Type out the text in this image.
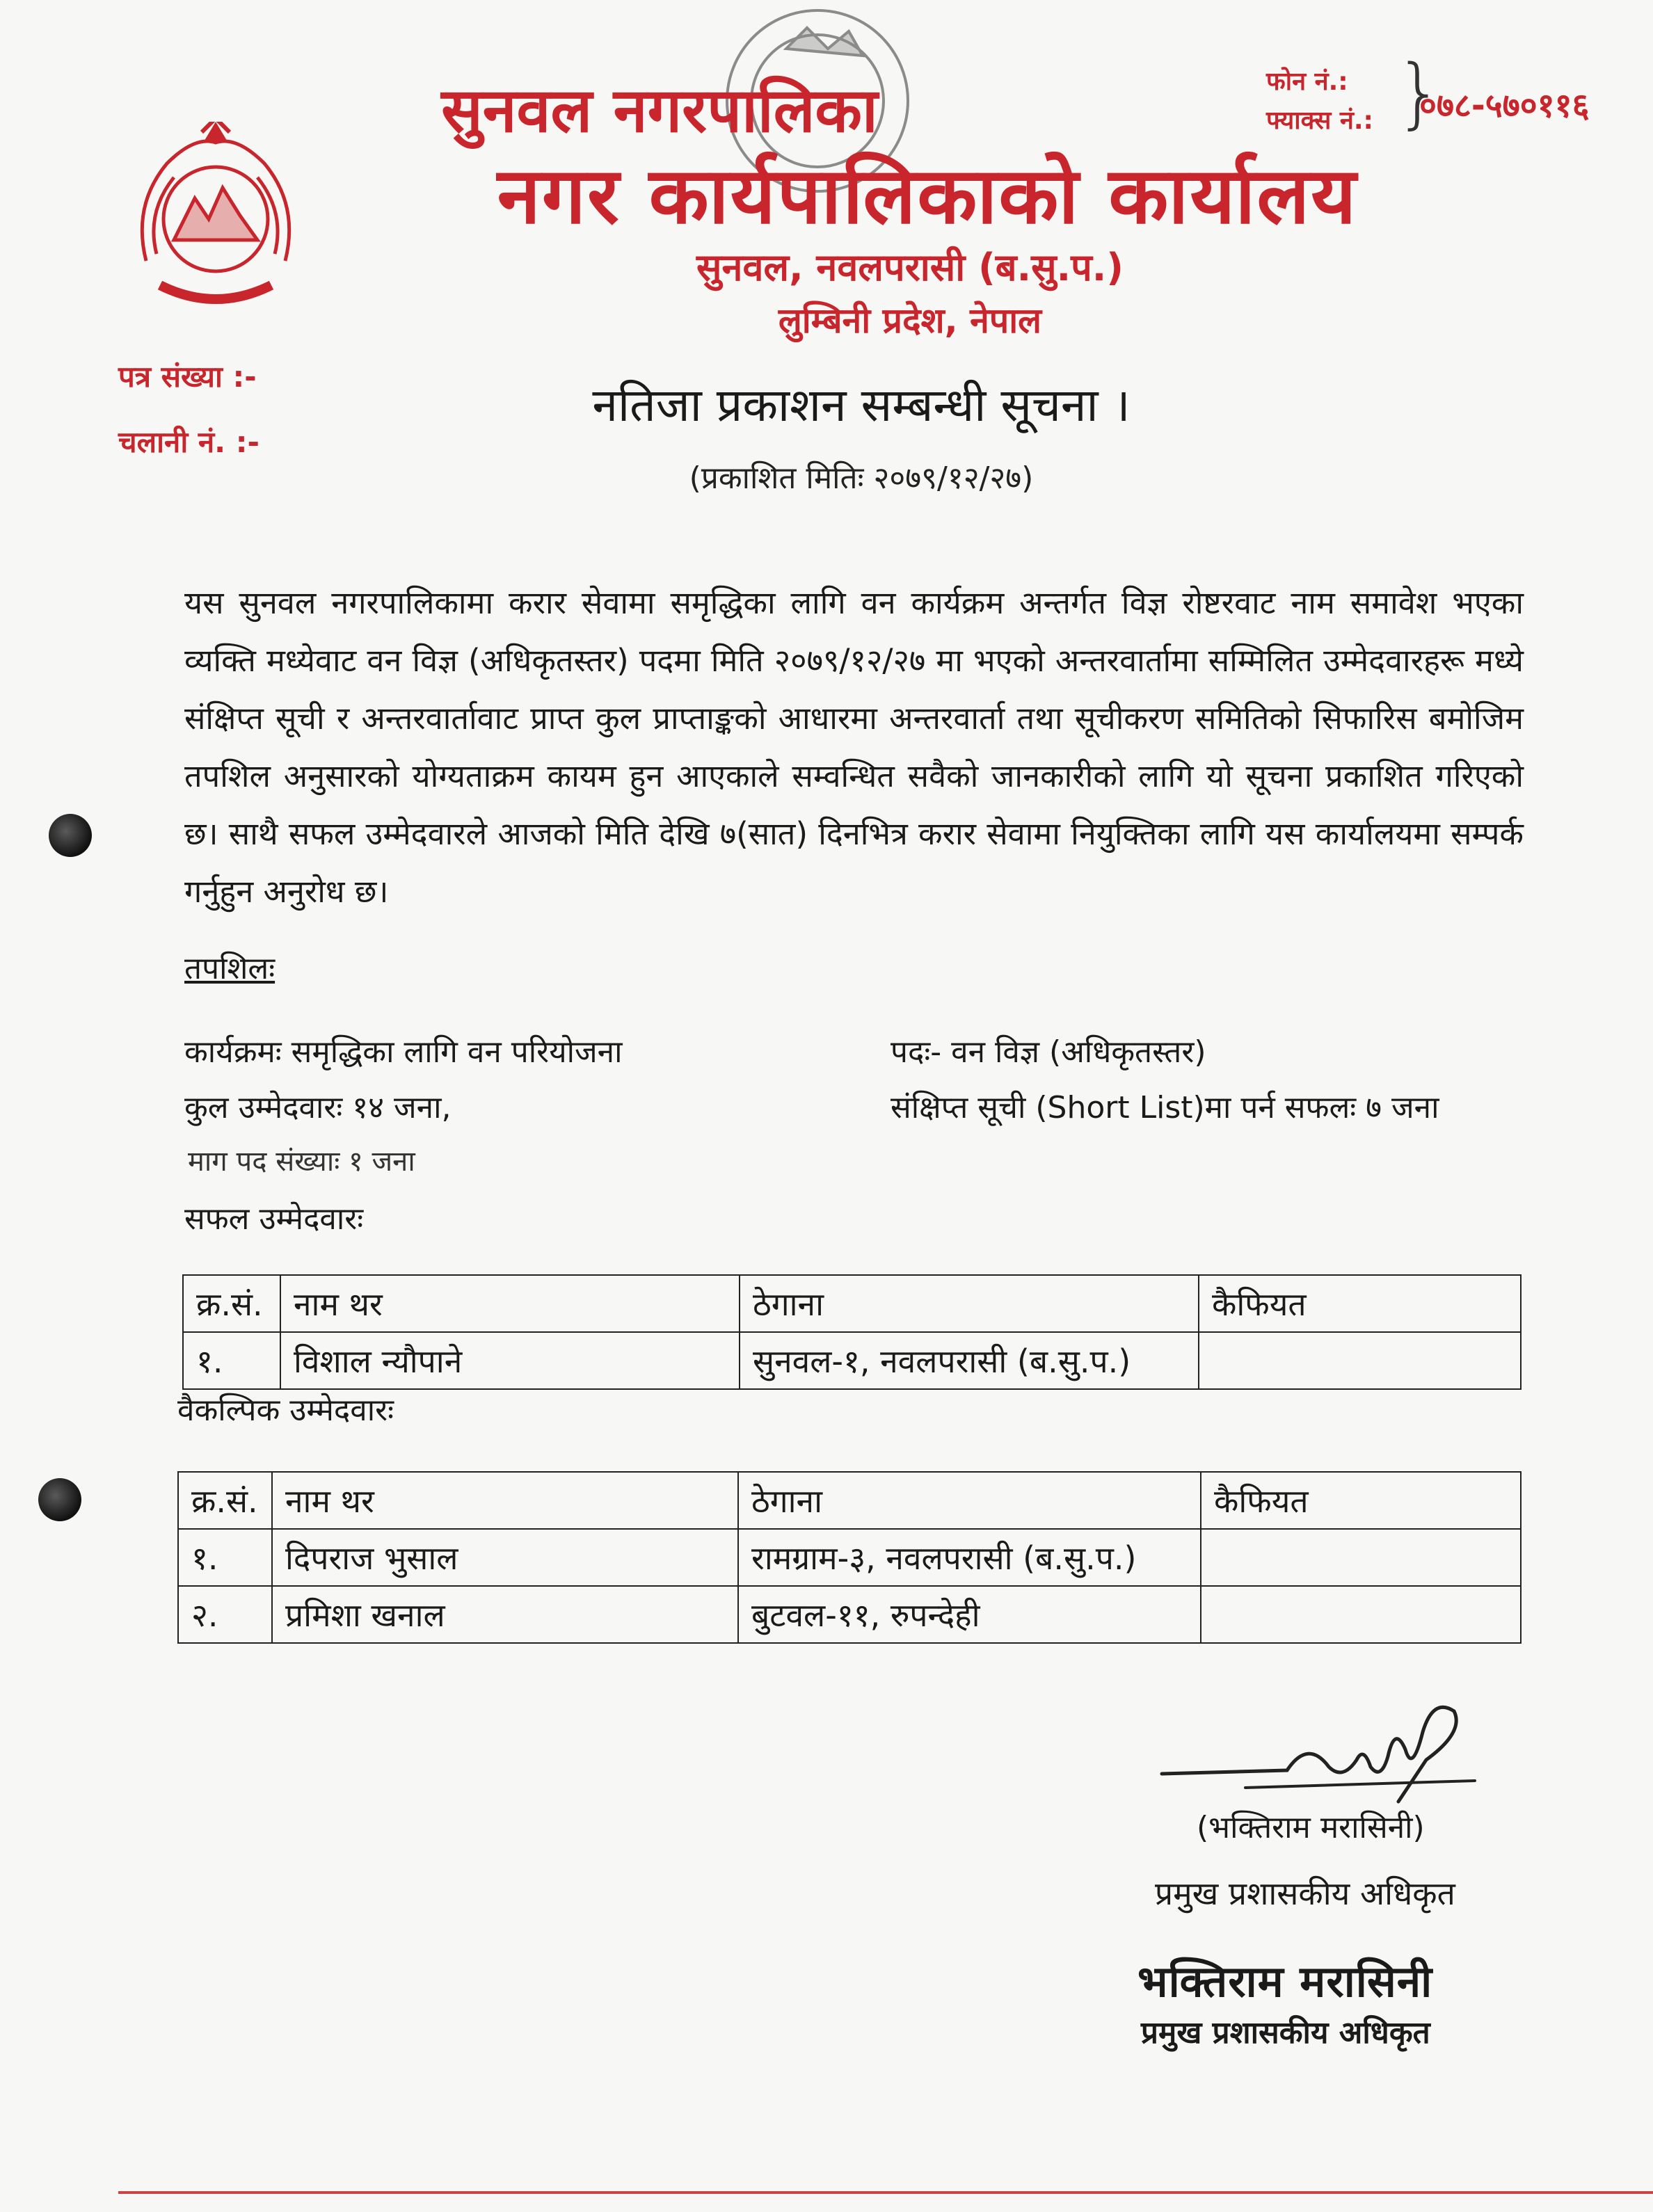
सुनवल नगरपालिका
नगर कार्यपालिकाको कार्यालय
सुनवल, नवलपरासी (ब.सु.प.)
लुम्बिनी प्रदेश, नेपाल
फोन नं.:
फ्याक्स नं.: }
०७८-५७०११६
पत्र संख्या :-
चलानी नं. :-
नतिजा प्रकाशन सम्बन्धी सूचना ।
(प्रकाशित मितिः २०७९/१२/२७)
यस सुनवल नगरपालिकामा करार सेवामा समृद्धिका लागि वन कार्यक्रम अन्तर्गत विज्ञ रोष्टरवाट नाम समावेश भएका व्यक्ति मध्येवाट वन विज्ञ (अधिकृतस्तर) पदमा मिति २०७९/१२/२७ मा भएको अन्तरवार्तामा सम्मिलित उम्मेदवारहरू मध्ये संक्षिप्त सूची र अन्तरवार्तावाट प्राप्त कुल प्राप्ताङ्कको आधारमा अन्तरवार्ता तथा सूचीकरण समितिको सिफारिस बमोजिम तपशिल अनुसारको योग्यताक्रम कायम हुन आएकाले सम्वन्धित सवैको जानकारीको लागि यो सूचना प्रकाशित गरिएको छ। साथै सफल उम्मेदवारले आजको मिति देखि ७(सात) दिनभित्र करार सेवामा नियुक्तिका लागि यस कार्यालयमा सम्पर्क गर्नुहुन अनुरोध छ।
तपशिलः
कार्यक्रमः समृद्धिका लागि वन परियोजना	पदः- वन विज्ञ (अधिकृतस्तर)
कुल उम्मेदवारः १४ जना,	संक्षिप्त सूची (Short List)मा पर्न सफलः ७ जना
माग पद संख्याः १ जना
सफल उम्मेदवारः
क्र.सं.	नाम थर	ठेगाना	कैफियत
१.	विशाल न्यौपाने	सुनवल-१, नवलपरासी (ब.सु.प.)	
वैकल्पिक उम्मेदवारः
क्र.सं.	नाम थर	ठेगाना	कैफियत
१.	दिपराज भुसाल	रामग्राम-३, नवलपरासी (ब.सु.प.)	
२.	प्रमिशा खनाल	बुटवल-११, रुपन्देही	
(भक्तिराम मरासिनी)
प्रमुख प्रशासकीय अधिकृत
भक्तिराम मरासिनी
प्रमुख प्रशासकीय अधिकृत
